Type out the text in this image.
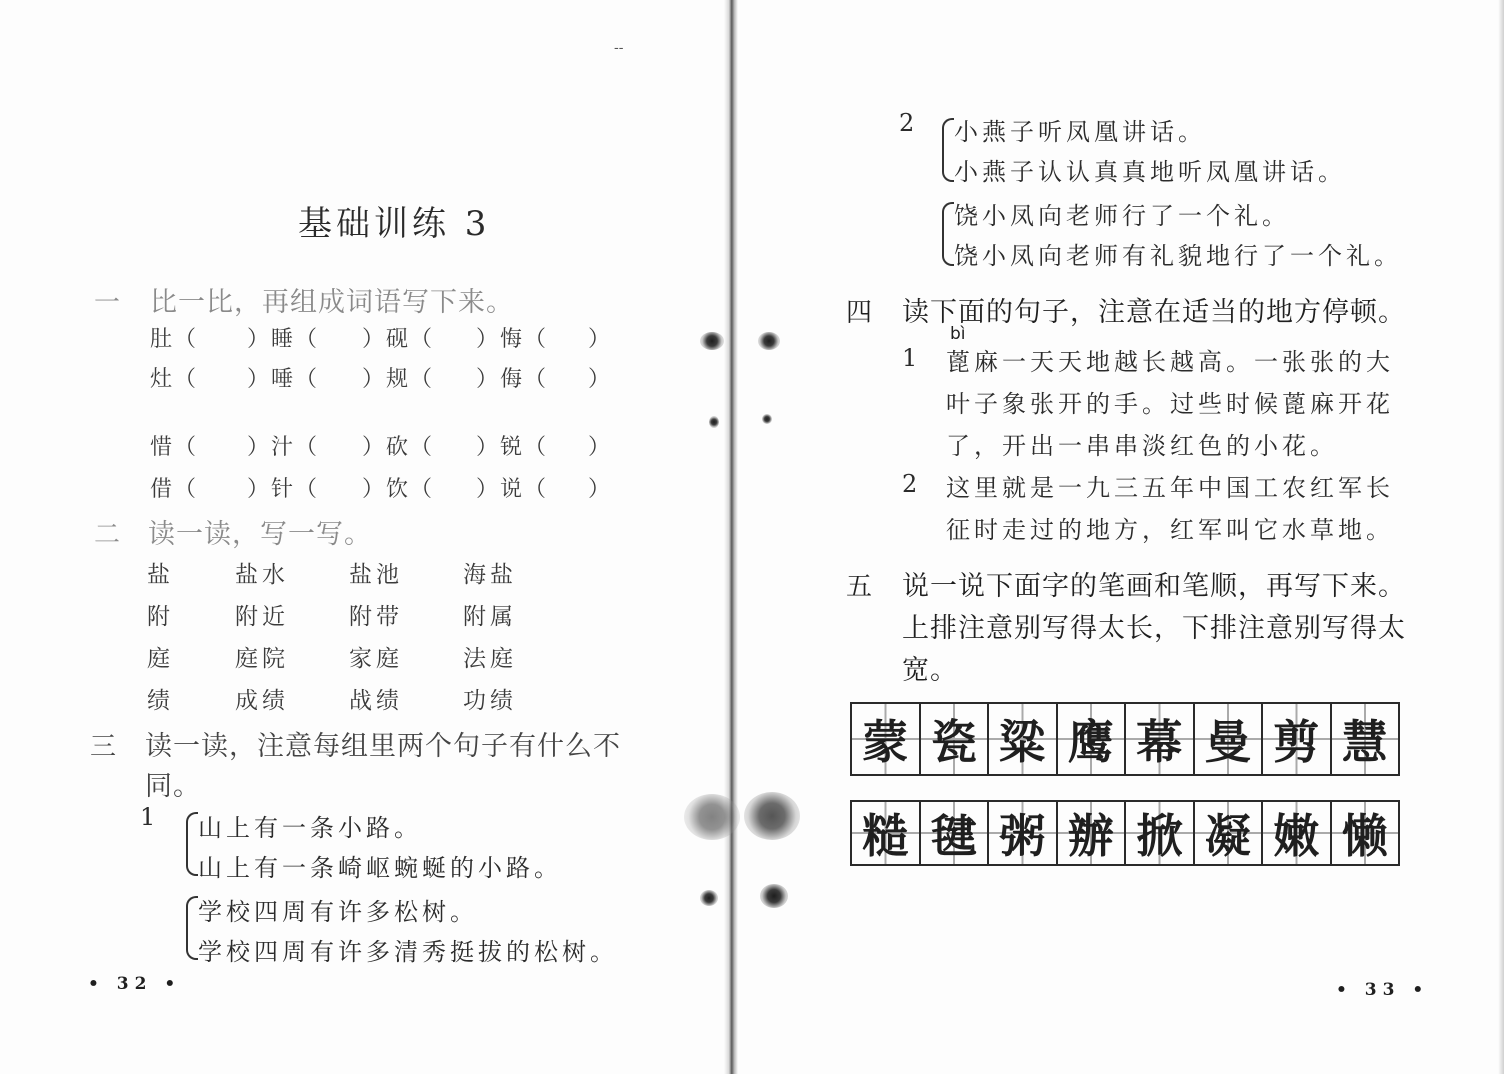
--
基础训练 3
一 比一比，再组成词语写下来。
肚（ ）睡（ ）砚（ ）悔（ ）
灶（ ）唾（ ）规（ ）侮（ ）
惜（ ）汁（ ）砍（ ）锐（ ）
借（ ）针（ ）饮（ ）说（ ）
二 读一读，写一写。
盐	盐水	盐池	海盐
附	附近	附带	附属
庭	庭院	家庭	法庭
绩	成绩	战绩	功绩
三 读一读，注意每组里两个句子有什么不
同。
1 山上有一条小路。
山上有一条崎岖蜿蜒的小路。
学校四周有许多松树。
学校四周有许多清秀挺拔的松树。
• 32 •
2 小燕子听凤凰讲话。
小燕子认认真真地听凤凰讲话。
饶小凤向老师行了一个礼。
饶小凤向老师有礼貌地行了一个礼。
四 读下面的句子，注意在适当的地方停顿。
bì
1 蓖麻一天天地越长越高。一张张的大
叶子象张开的手。过些时候蓖麻开花
了，开出一串串淡红色的小花。
2 这里就是一九三五年中国工农红军长
征时走过的地方，红军叫它水草地。
五 说一说下面字的笔画和笔顺，再写下来。
上排注意别写得太长，下排注意别写得太
宽。
蒙 瓷 粱 鹰 幕 曼 剪 慧
糙 毽 粥 辦 掀 凝 嫩 懒
• 33 •
